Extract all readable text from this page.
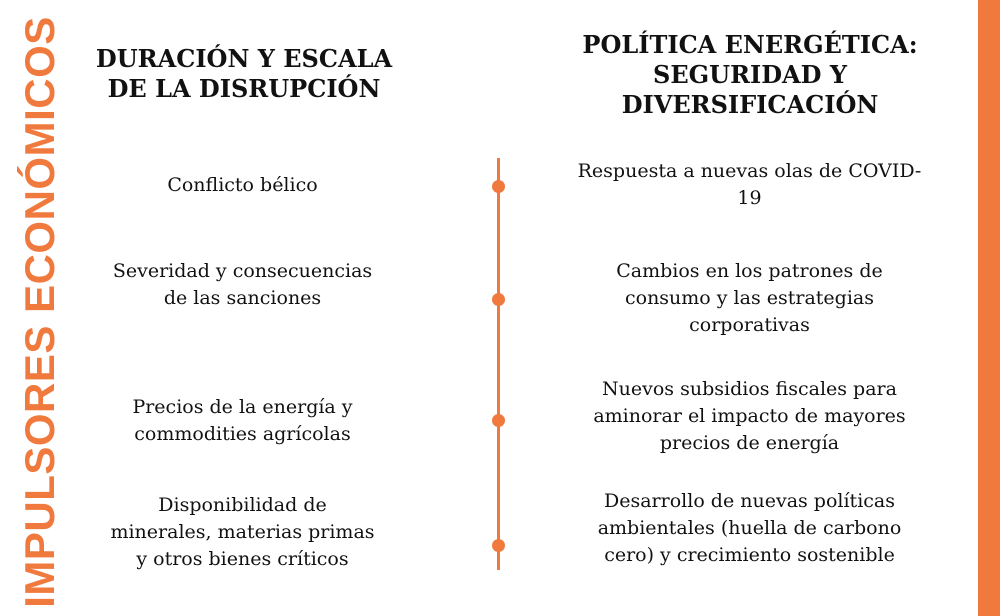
IMPULSORES ECONÓMICOS	DURACIÓN Y ESCALA DE LA DISRUPCIÓN
POLÍTICA ENERGÉTICA: SEGURIDAD Y DIVERSIFICACIÓN
Conflicto bélico
Severidad y consecuencias de las sanciones
Precios de la energía y commodities agrícolas
Disponibilidad de minerales, materias primas y otros bienes críticos
Respuesta a nuevas olas de COVID-19
Cambios en los patrones de consumo y las estrategias corporativas
Nuevos subsidios fiscales para aminorar el impacto de mayores precios de energía
Desarrollo de nuevas políticas ambientales (huella de carbono cero) y crecimiento sostenible
